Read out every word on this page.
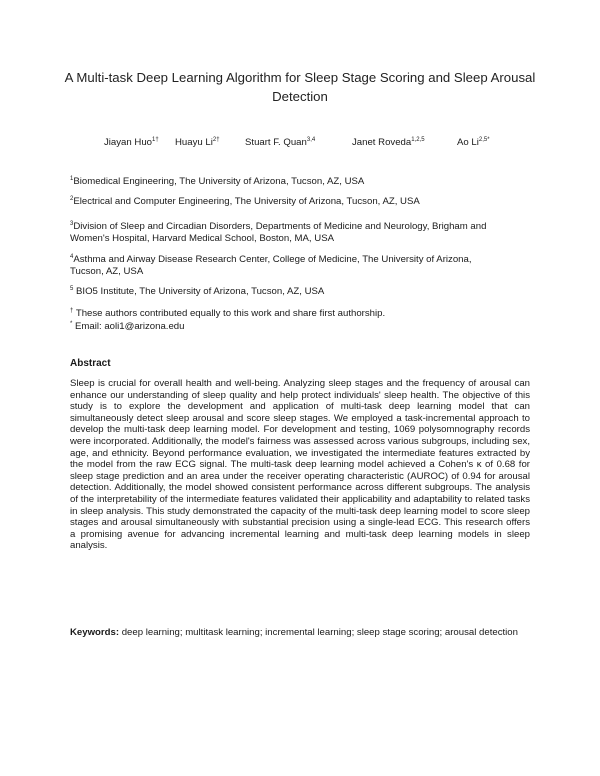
A Multi-task Deep Learning Algorithm for Sleep Stage Scoring and Sleep Arousal Detection
Jiayan Huo$^{1\dagger}$ Huayu $Li^{2\dagger}$	Stuart F. Quan$^{3,4}$	Janet Roveda$^{1,2,5}$	Ao $Li^{2,5*}$
$^1$Biomedical Engineering, The University of Arizona, Tucson, AZ, USA
$^2$Electrical and Computer Engineering, The University of Arizona, Tucson, AZ, USA
$^3$Division of Sleep and Circadian Disorders, Departments of Medicine and Neurology, Brigham and Women's Hospital, Harvard Medical School, Boston, MA, USA
$^4$Asthma and Airway Disease Research Center, College of Medicine, The University of Arizona, Tucson, AZ, USA
$^5$ BIO5 Institute, The University of Arizona, Tucson, AZ, USA
† These authors contributed equally to this work and share first authorship.
* Email: aoli1@arizona.edu
Abstract
Sleep is crucial for overall health and well-being. Analyzing sleep stages and the frequency of arousal can enhance our understanding of sleep quality and help protect individuals' sleep health. The objective of this study is to explore the development and application of multi-task deep learning model that can simultaneously detect sleep arousal and score sleep stages. We employed a task-incremental approach to develop the multi-task deep learning model. For development and testing, 1069 polysomnography records were incorporated. Additionally, the model's fairness was assessed across various subgroups, including sex, age, and ethnicity. Beyond performance evaluation, we investigated the intermediate features extracted by the model from the raw ECG signal. The multi-task deep learning model achieved a Cohen's κ of 0.68 for sleep stage prediction and an area under the receiver operating characteristic (AUROC) of 0.94 for arousal detection. Additionally, the model showed consistent performance across different subgroups. The analysis of the interpretability of the intermediate features validated their applicability and adaptability to related tasks in sleep analysis. This study demonstrated the capacity of the multi-task deep learning model to score sleep stages and arousal simultaneously with substantial precision using a single-lead ECG. This research offers a promising avenue for advancing incremental learning and multi-task deep learning models in sleep analysis.
Keywords: deep learning; multitask learning; incremental learning; sleep stage scoring; arousal detection
